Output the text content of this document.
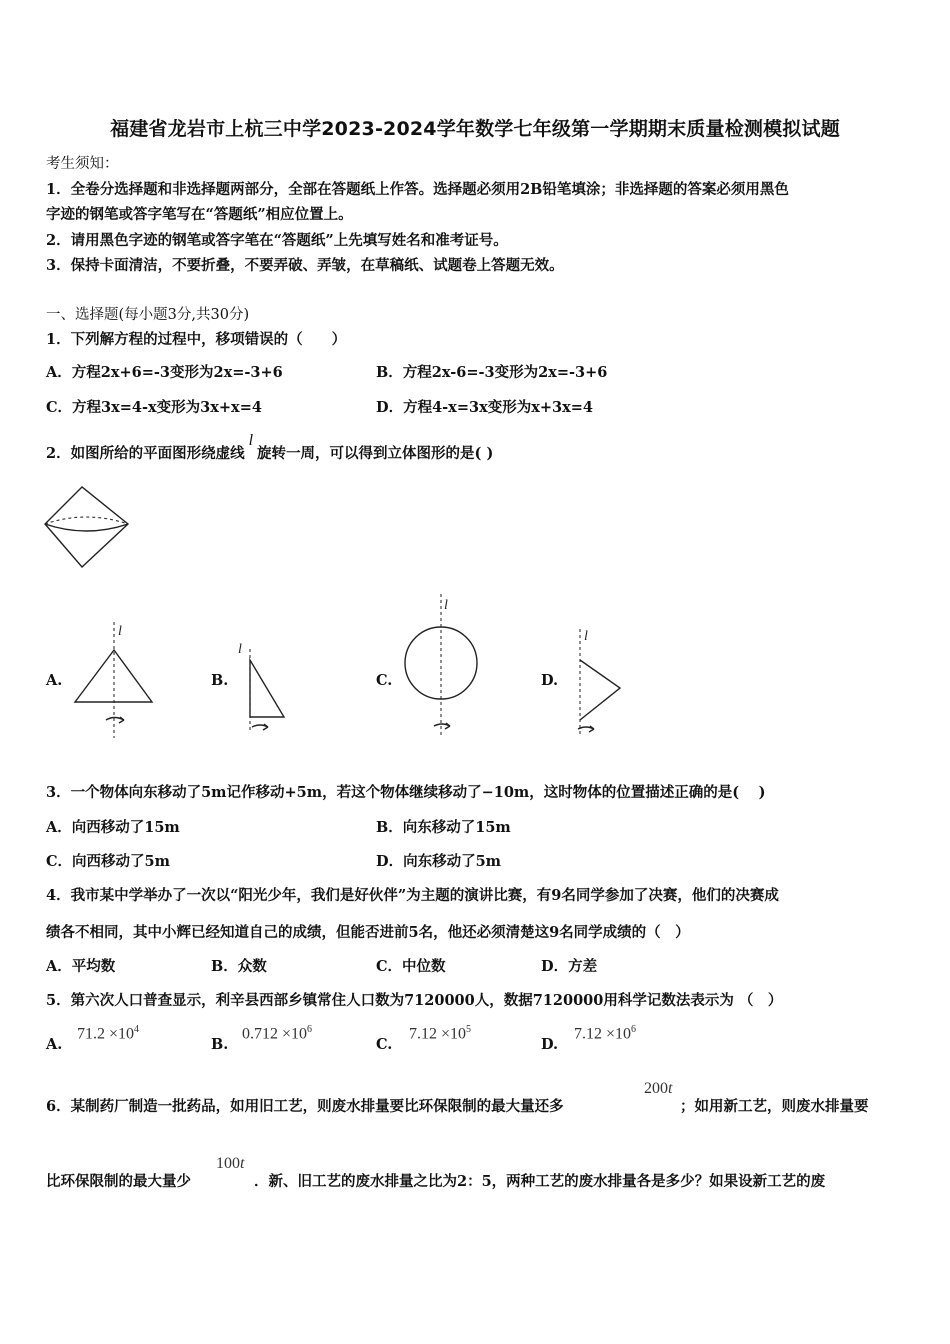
福建省龙岩市上杭三中学2023-2024学年数学七年级第一学期期末质量检测模拟试题
考生须知：
1．全卷分选择题和非选择题两部分，全部在答题纸上作答。选择题必须用2B铅笔填涂；非选择题的答案必须用黑色
字迹的钢笔或答字笔写在“答题纸”相应位置上。
2．请用黑色字迹的钢笔或答字笔在“答题纸”上先填写姓名和准考证号。
3．保持卡面清洁，不要折叠，不要弄破、弄皱，在草稿纸、试题卷上答题无效。
一、选择题(每小题3分,共30分)
1．下列解方程的过程中，移项错误的（　　）
A．方程2x+6=-3变形为2x=-3+6	B．方程2x-6=-3变形为2x=-3+6
C．方程3x=4-x变形为3x+x=4	D．方程4-x=3x变形为x+3x=4
2．如图所给的平面图形绕虚线l旋转一周，可以得到立体图形的是( )
A.
l
B.
l
C.
l
D.
l
3．一个物体向东移动了5m记作移动+5m，若这个物体继续移动了−10m，这时物体的位置描述正确的是(　 )
A．向西移动了15m	B．向东移动了15m
C．向西移动了5m	D．向东移动了5m
4．我市某中学举办了一次以“阳光少年，我们是好伙伴”为主题的演讲比赛，有9名同学参加了决赛，他们的决赛成
绩各不相同，其中小辉已经知道自己的成绩，但能否进前5名，他还必须清楚这9名同学成绩的（　）
A．平均数	B．众数	C．中位数	D．方差
5．第六次人口普查显示，利辛县西部乡镇常住人口数为7120000人，数据7120000用科学记数法表示为 （　）
A.
$71.2 \times 10^4$
B.
$0.712 \times 10^6$
C.
$7.12 \times 10^5$
D.
$7.12 \times 10^6$
6．某制药厂制造一批药品，如用旧工艺，则废水排量要比环保限制的最大量还多
200t
；如用新工艺，则废水排量要
比环保限制的最大量少
100t
．新、旧工艺的废水排量之比为2：5，两种工艺的废水排量各是多少？如果设新工艺的废
